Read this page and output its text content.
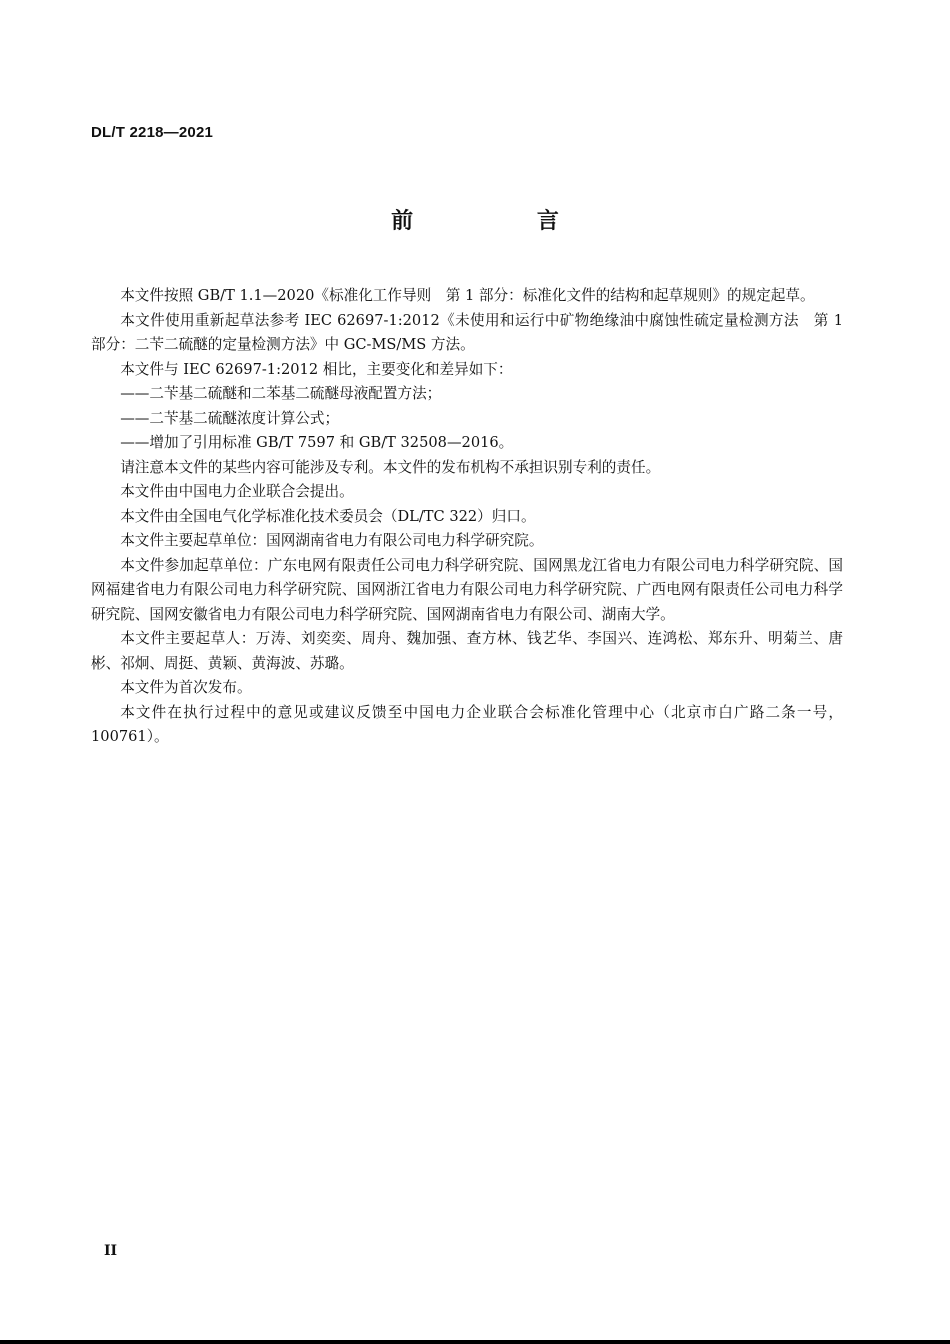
DL/T 2218—2021
前 言

本文件按照 GB/T 1.1—2020《标准化工作导则　第 1 部分：标准化文件的结构和起草规则》的规定起草。

本文件使用重新起草法参考 IEC 62697-1:2012《未使用和运行中矿物绝缘油中腐蚀性硫定量检测方法　第 1 部分：二苄二硫醚的定量检测方法》中 GC-MS/MS 方法。

本文件与 IEC 62697-1:2012 相比，主要变化和差异如下：

——二苄基二硫醚和二苯基二硫醚母液配置方法；

——二苄基二硫醚浓度计算公式；

——增加了引用标准 GB/T 7597 和 GB/T 32508—2016。

请注意本文件的某些内容可能涉及专利。本文件的发布机构不承担识别专利的责任。

本文件由中国电力企业联合会提出。

本文件由全国电气化学标准化技术委员会（DL/TC 322）归口。

本文件主要起草单位：国网湖南省电力有限公司电力科学研究院。

本文件参加起草单位：广东电网有限责任公司电力科学研究院、国网黑龙江省电力有限公司电力科学研究院、国网福建省电力有限公司电力科学研究院、国网浙江省电力有限公司电力科学研究院、广西电网有限责任公司电力科学研究院、国网安徽省电力有限公司电力科学研究院、国网湖南省电力有限公司、湖南大学。

本文件主要起草人：万涛、刘奕奕、周舟、魏加强、查方林、钱艺华、李国兴、连鸿松、郑东升、明菊兰、唐彬、祁炯、周挺、黄颖、黄海波、苏璐。

本文件为首次发布。

本文件在执行过程中的意见或建议反馈至中国电力企业联合会标准化管理中心（北京市白广路二条一号，100761）。

II
